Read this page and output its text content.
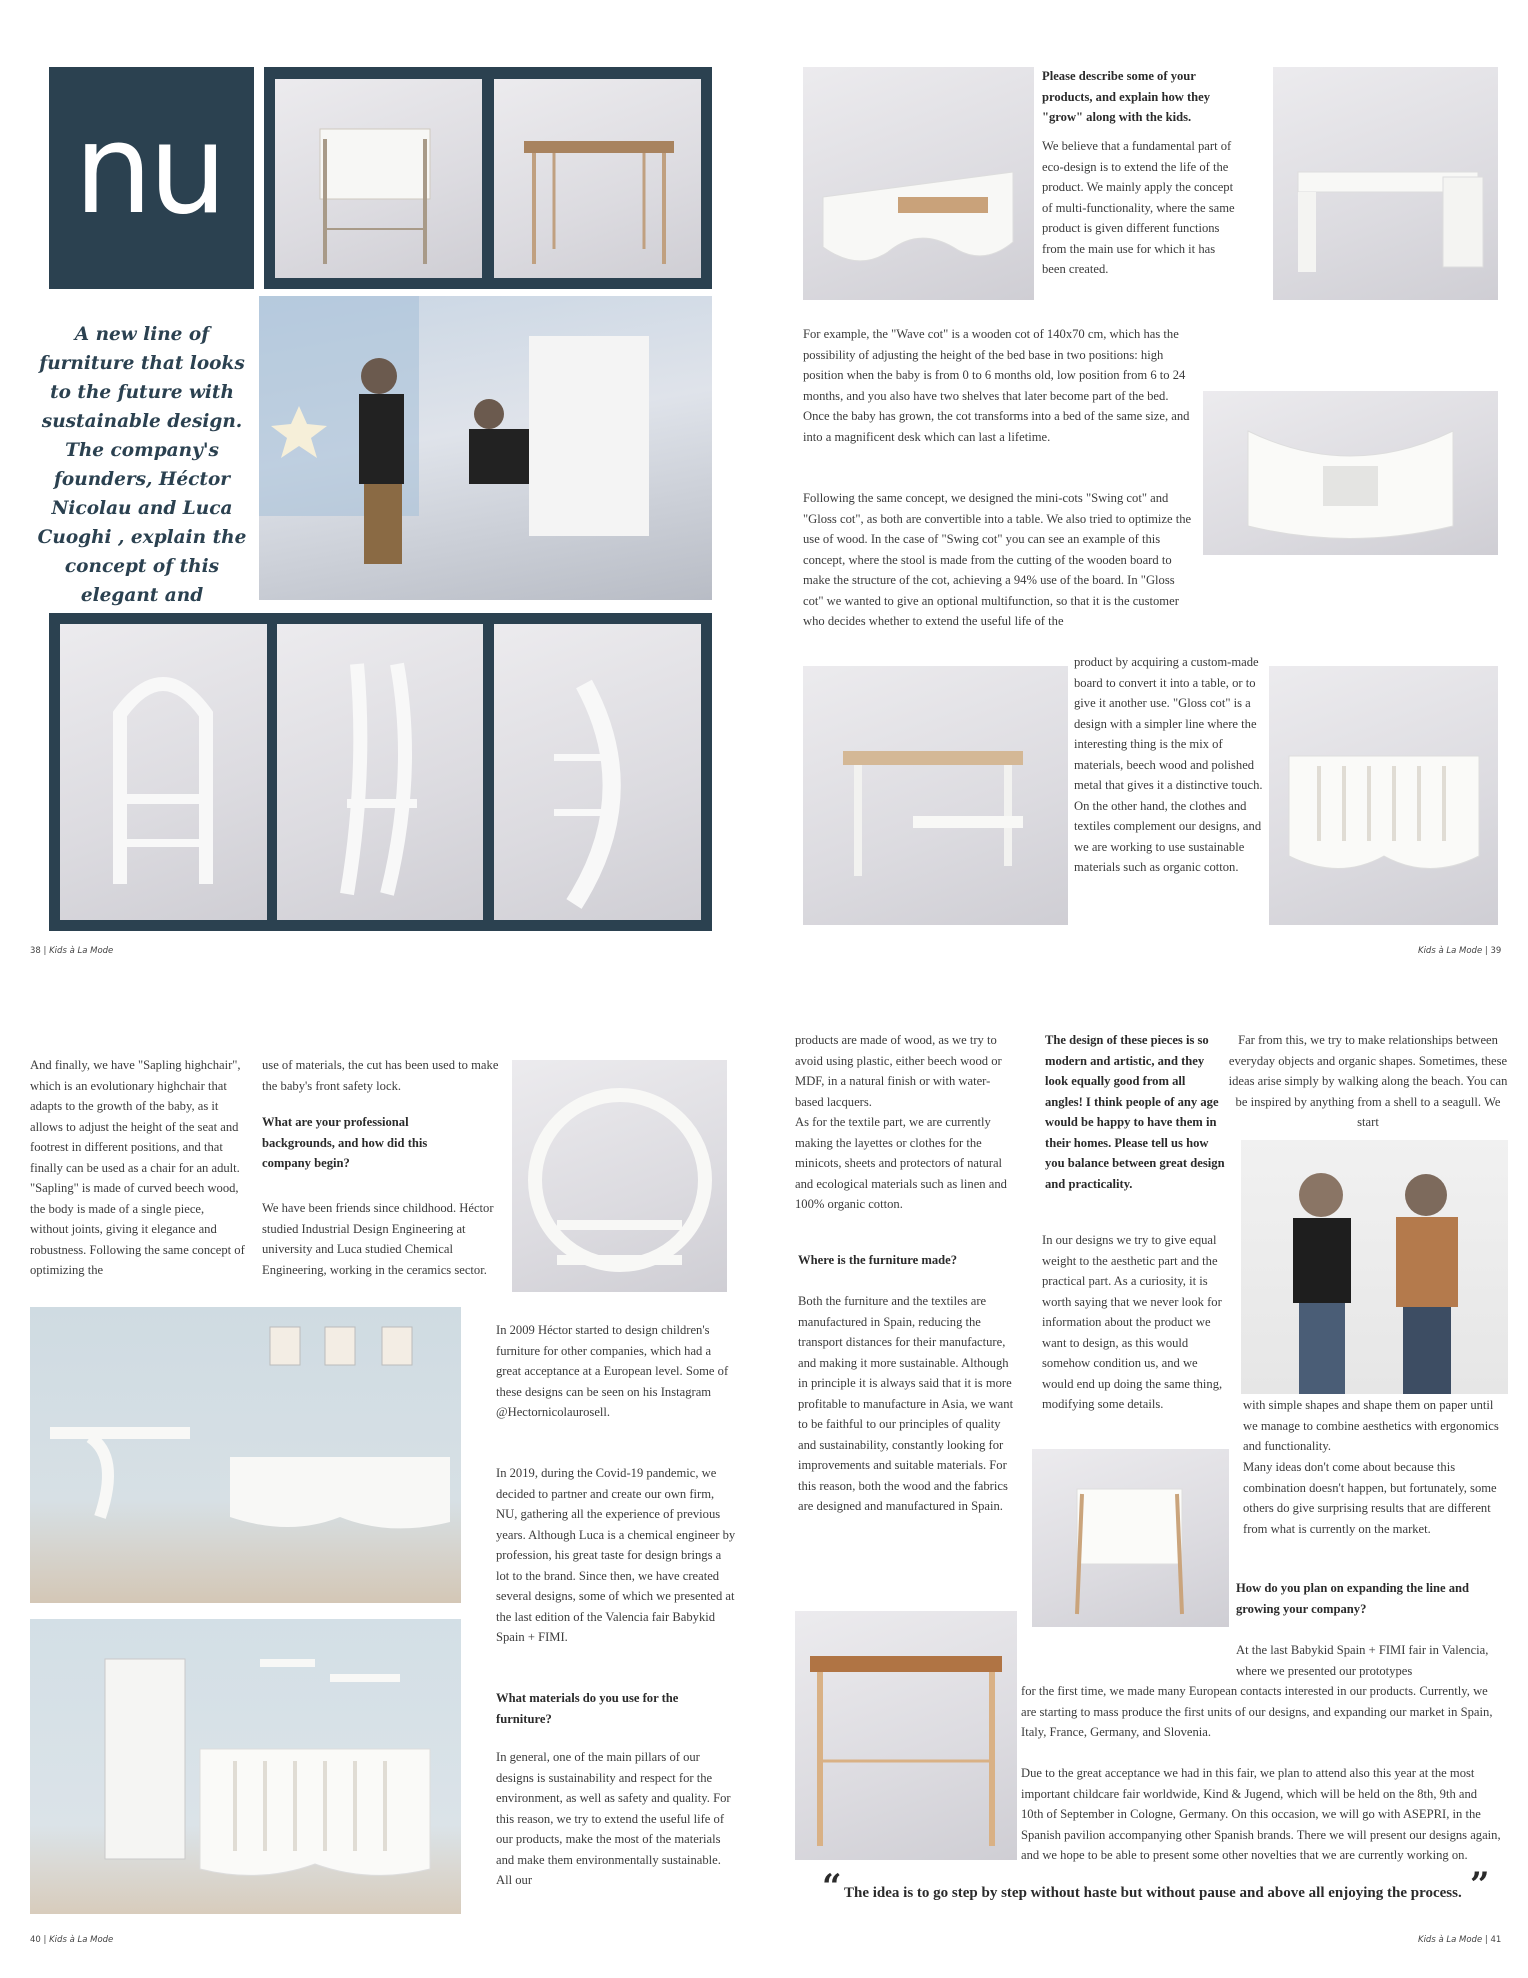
nu
A new line of furniture that looks to the future with sustainable design. The company's founders, Héctor Nicolau and Luca Cuoghi , explain the concept of this elegant and
38 | Kids à La Mode

Please describe some of your products, and explain how they "grow" along with the kids.

We believe that a fundamental part of eco-design is to extend the life of the product. We mainly apply the concept of multi-functionality, where the same product is given different functions from the main use for which it has been created.

For example, the "Wave cot" is a wooden cot of 140x70 cm, which has the possibility of adjusting the height of the bed base in two positions: high position when the baby is from 0 to 6 months old, low position from 6 to 24 months, and you also have two shelves that later become part of the bed. Once the baby has grown, the cot transforms into a bed of the same size, and into a magnificent desk which can last a lifetime.

Following the same concept, we designed the mini-cots "Swing cot" and "Gloss cot", as both are convertible into a table. We also tried to optimize the use of wood. In the case of "Swing cot" you can see an example of this concept, where the stool is made from the cutting of the wooden board to make the structure of the cot, achieving a 94% use of the board. In "Gloss cot" we wanted to give an optional multifunction, so that it is the customer who decides whether to extend the useful life of the

product by acquiring a custom-made board to convert it into a table, or to give it another use. "Gloss cot" is a design with a simpler line where the interesting thing is the mix of materials, beech wood and polished metal that gives it a distinctive touch. On the other hand, the clothes and textiles complement our designs, and we are working to use sustainable materials such as organic cotton.

Kids à La Mode | 39

And finally, we have "Sapling highchair", which is an evolutionary highchair that adapts to the growth of the baby, as it allows to adjust the height of the seat and footrest in different positions, and that finally can be used as a chair for an adult. "Sapling" is made of curved beech wood, the body is made of a single piece, without joints, giving it elegance and robustness. Following the same concept of optimizing the

use of materials, the cut has been used to make the baby's front safety lock.

What are your professional backgrounds, and how did this company begin?

We have been friends since childhood. Héctor studied Industrial Design Engineering at university and Luca studied Chemical Engineering, working in the ceramics sector.

In 2009 Héctor started to design children's furniture for other companies, which had a great acceptance at a European level. Some of these designs can be seen on his Instagram @Hectornicolaurosell.

In 2019, during the Covid-19 pandemic, we decided to partner and create our own firm, NU, gathering all the experience of previous years. Although Luca is a chemical engineer by profession, his great taste for design brings a lot to the brand. Since then, we have created several designs, some of which we presented at the last edition of the Valencia fair Babykid Spain + FIMI.

What materials do you use for the furniture?

In general, one of the main pillars of our designs is sustainability and respect for the environment, as well as safety and quality. For this reason, we try to extend the useful life of our products, make the most of the materials and make them environmentally sustainable. All our

40 | Kids à La Mode

products are made of wood, as we try to avoid using plastic, either beech wood or MDF, in a natural finish or with water-based lacquers.

As for the textile part, we are currently making the layettes or clothes for the minicots, sheets and protectors of natural and ecological materials such as linen and 100% organic cotton.

Where is the furniture made?

Both the furniture and the textiles are manufactured in Spain, reducing the transport distances for their manufacture, and making it more sustainable. Although in principle it is always said that it is more profitable to manufacture in Asia, we want to be faithful to our principles of quality and sustainability, constantly looking for improvements and suitable materials. For this reason, both the wood and the fabrics are designed and manufactured in Spain.

The design of these pieces is so modern and artistic, and they look equally good from all angles! I think people of any age would be happy to have them in their homes. Please tell us how you balance between great design and practicality.

In our designs we try to give equal weight to the aesthetic part and the practical part. As a curiosity, it is worth saying that we never look for information about the product we want to design, as this would somehow condition us, and we would end up doing the same thing, modifying some details.

Far from this, we try to make relationships between everyday objects and organic shapes. Sometimes, these ideas arise simply by walking along the beach. You can be inspired by anything from a shell to a seagull. We start

with simple shapes and shape them on paper until we manage to combine aesthetics with ergonomics and functionality.

Many ideas don't come about because this combination doesn't happen, but fortunately, some others do give surprising results that are different from what is currently on the market.

How do you plan on expanding the line and growing your company?

At the last Babykid Spain + FIMI fair in Valencia, where we presented our prototypes

for the first time, we made many European contacts interested in our products. Currently, we are starting to mass produce the first units of our designs, and expanding our market in Spain, Italy, France, Germany, and Slovenia.

Due to the great acceptance we had in this fair, we plan to attend also this year at the most important childcare fair worldwide, Kind & Jugend, which will be held on the 8th, 9th and 10th of September in Cologne, Germany. On this occasion, we will go with ASEPRI, in the Spanish pavilion accompanying other Spanish brands. There we will present our designs again, and we hope to be able to present some other novelties that we are currently working on.

“ The idea is to go step by step without haste but without pause and above all enjoying the process. ”
Kids à La Mode | 41
